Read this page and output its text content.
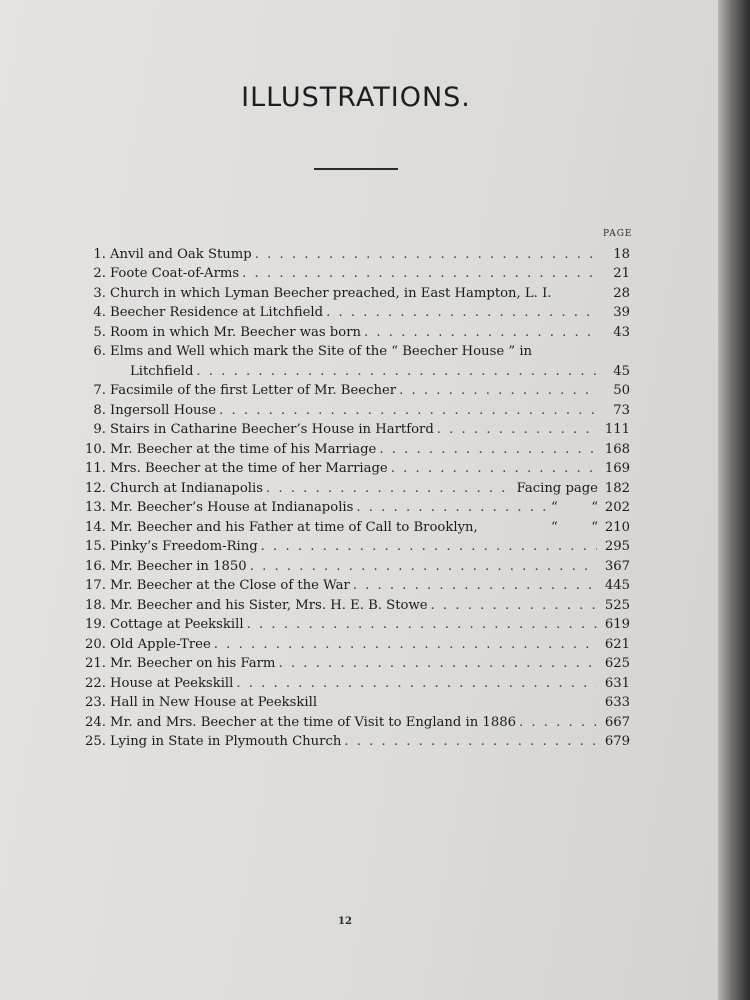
ILLUSTRATIONS.
PAGE
1. Anvil and Oak Stump . . .	18
2. Foote Coat-of-Arms . . .	21
3. Church in which Lyman Beecher preached, in East Hampton, L. I.	28
4. Beecher Residence at Litchfield . . .	39
5. Room in which Mr. Beecher was born . . .	43
6. Elms and Well which mark the Site of the “ Beecher House ” in
Litchfield . . .	45
7. Facsimile of the first Letter of Mr. Beecher . . .	50
8. Ingersoll House . . .	73
9. Stairs in Catharine Beecher’s House in Hartford . . .	111
10. Mr. Beecher at the time of his Marriage . . .	168
11. Mrs. Beecher at the time of her Marriage . . .	169
12. Church at Indianapolis . . .	Facing page 182
13. Mr. Beecher’s House at Indianapolis . . .	“        “ 202
14. Mr. Beecher and his Father at time of Call to Brooklyn,	“        “ 210
15. Pinky’s Freedom-Ring . . .	295
16. Mr. Beecher in 1850 . . .	367
17. Mr. Beecher at the Close of the War . . .	445
18. Mr. Beecher and his Sister, Mrs. H. E. B. Stowe . . .	525
19. Cottage at Peekskill . . .	619
20. Old Apple-Tree . . .	621
21. Mr. Beecher on his Farm . . .	625
22. House at Peekskill . . .	631
23. Hall in New House at Peekskill	633
24. Mr. and Mrs. Beecher at the time of Visit to England in 1886 . . .	667
25. Lying in State in Plymouth Church . . .	679
12
